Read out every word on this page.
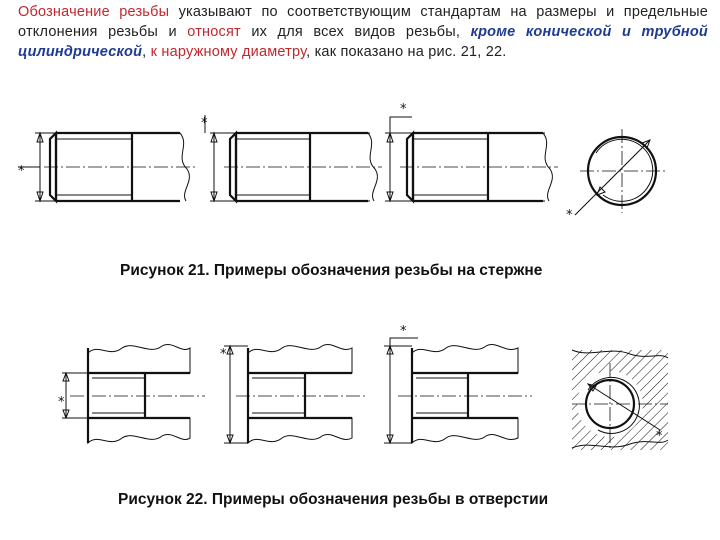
Обозначение резьбы указывают по соответствующим стандартам на размеры и предельные отклонения резьбы и относят их для всех видов резьбы, кроме конической и трубной цилиндрической, к наружному диаметру, как показано на рис. 21, 22.
*
*
*
*
Рисунок 21. Примеры обозначения резьбы на стержне
*
*
*
*
Рисунок 22. Примеры обозначения резьбы в отверстии
